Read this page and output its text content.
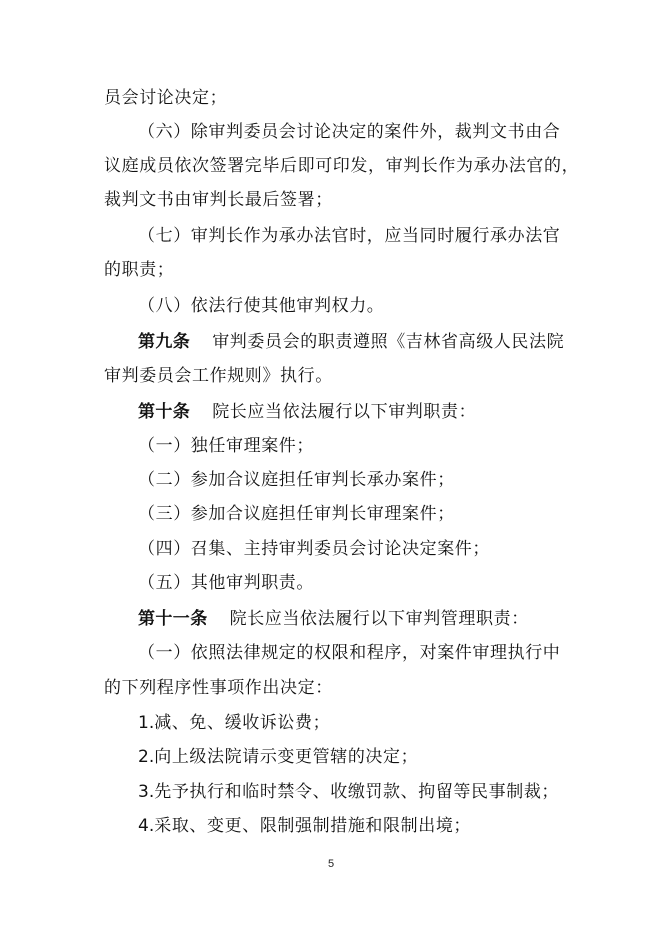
员会讨论决定；
（六）除审判委员会讨论决定的案件外，裁判文书由合
议庭成员依次签署完毕后即可印发，审判长作为承办法官的，
裁判文书由审判长最后签署；
（七）审判长作为承办法官时，应当同时履行承办法官
的职责；
（八）依法行使其他审判权力。
第九条 审判委员会的职责遵照《吉林省高级人民法院
审判委员会工作规则》执行。
第十条 院长应当依法履行以下审判职责：
（一）独任审理案件；
（二）参加合议庭担任审判长承办案件；
（三）参加合议庭担任审判长审理案件；
（四）召集、主持审判委员会讨论决定案件；
（五）其他审判职责。
第十一条 院长应当依法履行以下审判管理职责：
（一）依照法律规定的权限和程序，对案件审理执行中
的下列程序性事项作出决定：
1.减、免、缓收诉讼费；
2.向上级法院请示变更管辖的决定；
3.先予执行和临时禁令、收缴罚款、拘留等民事制裁；
4.采取、变更、限制强制措施和限制出境；
5
